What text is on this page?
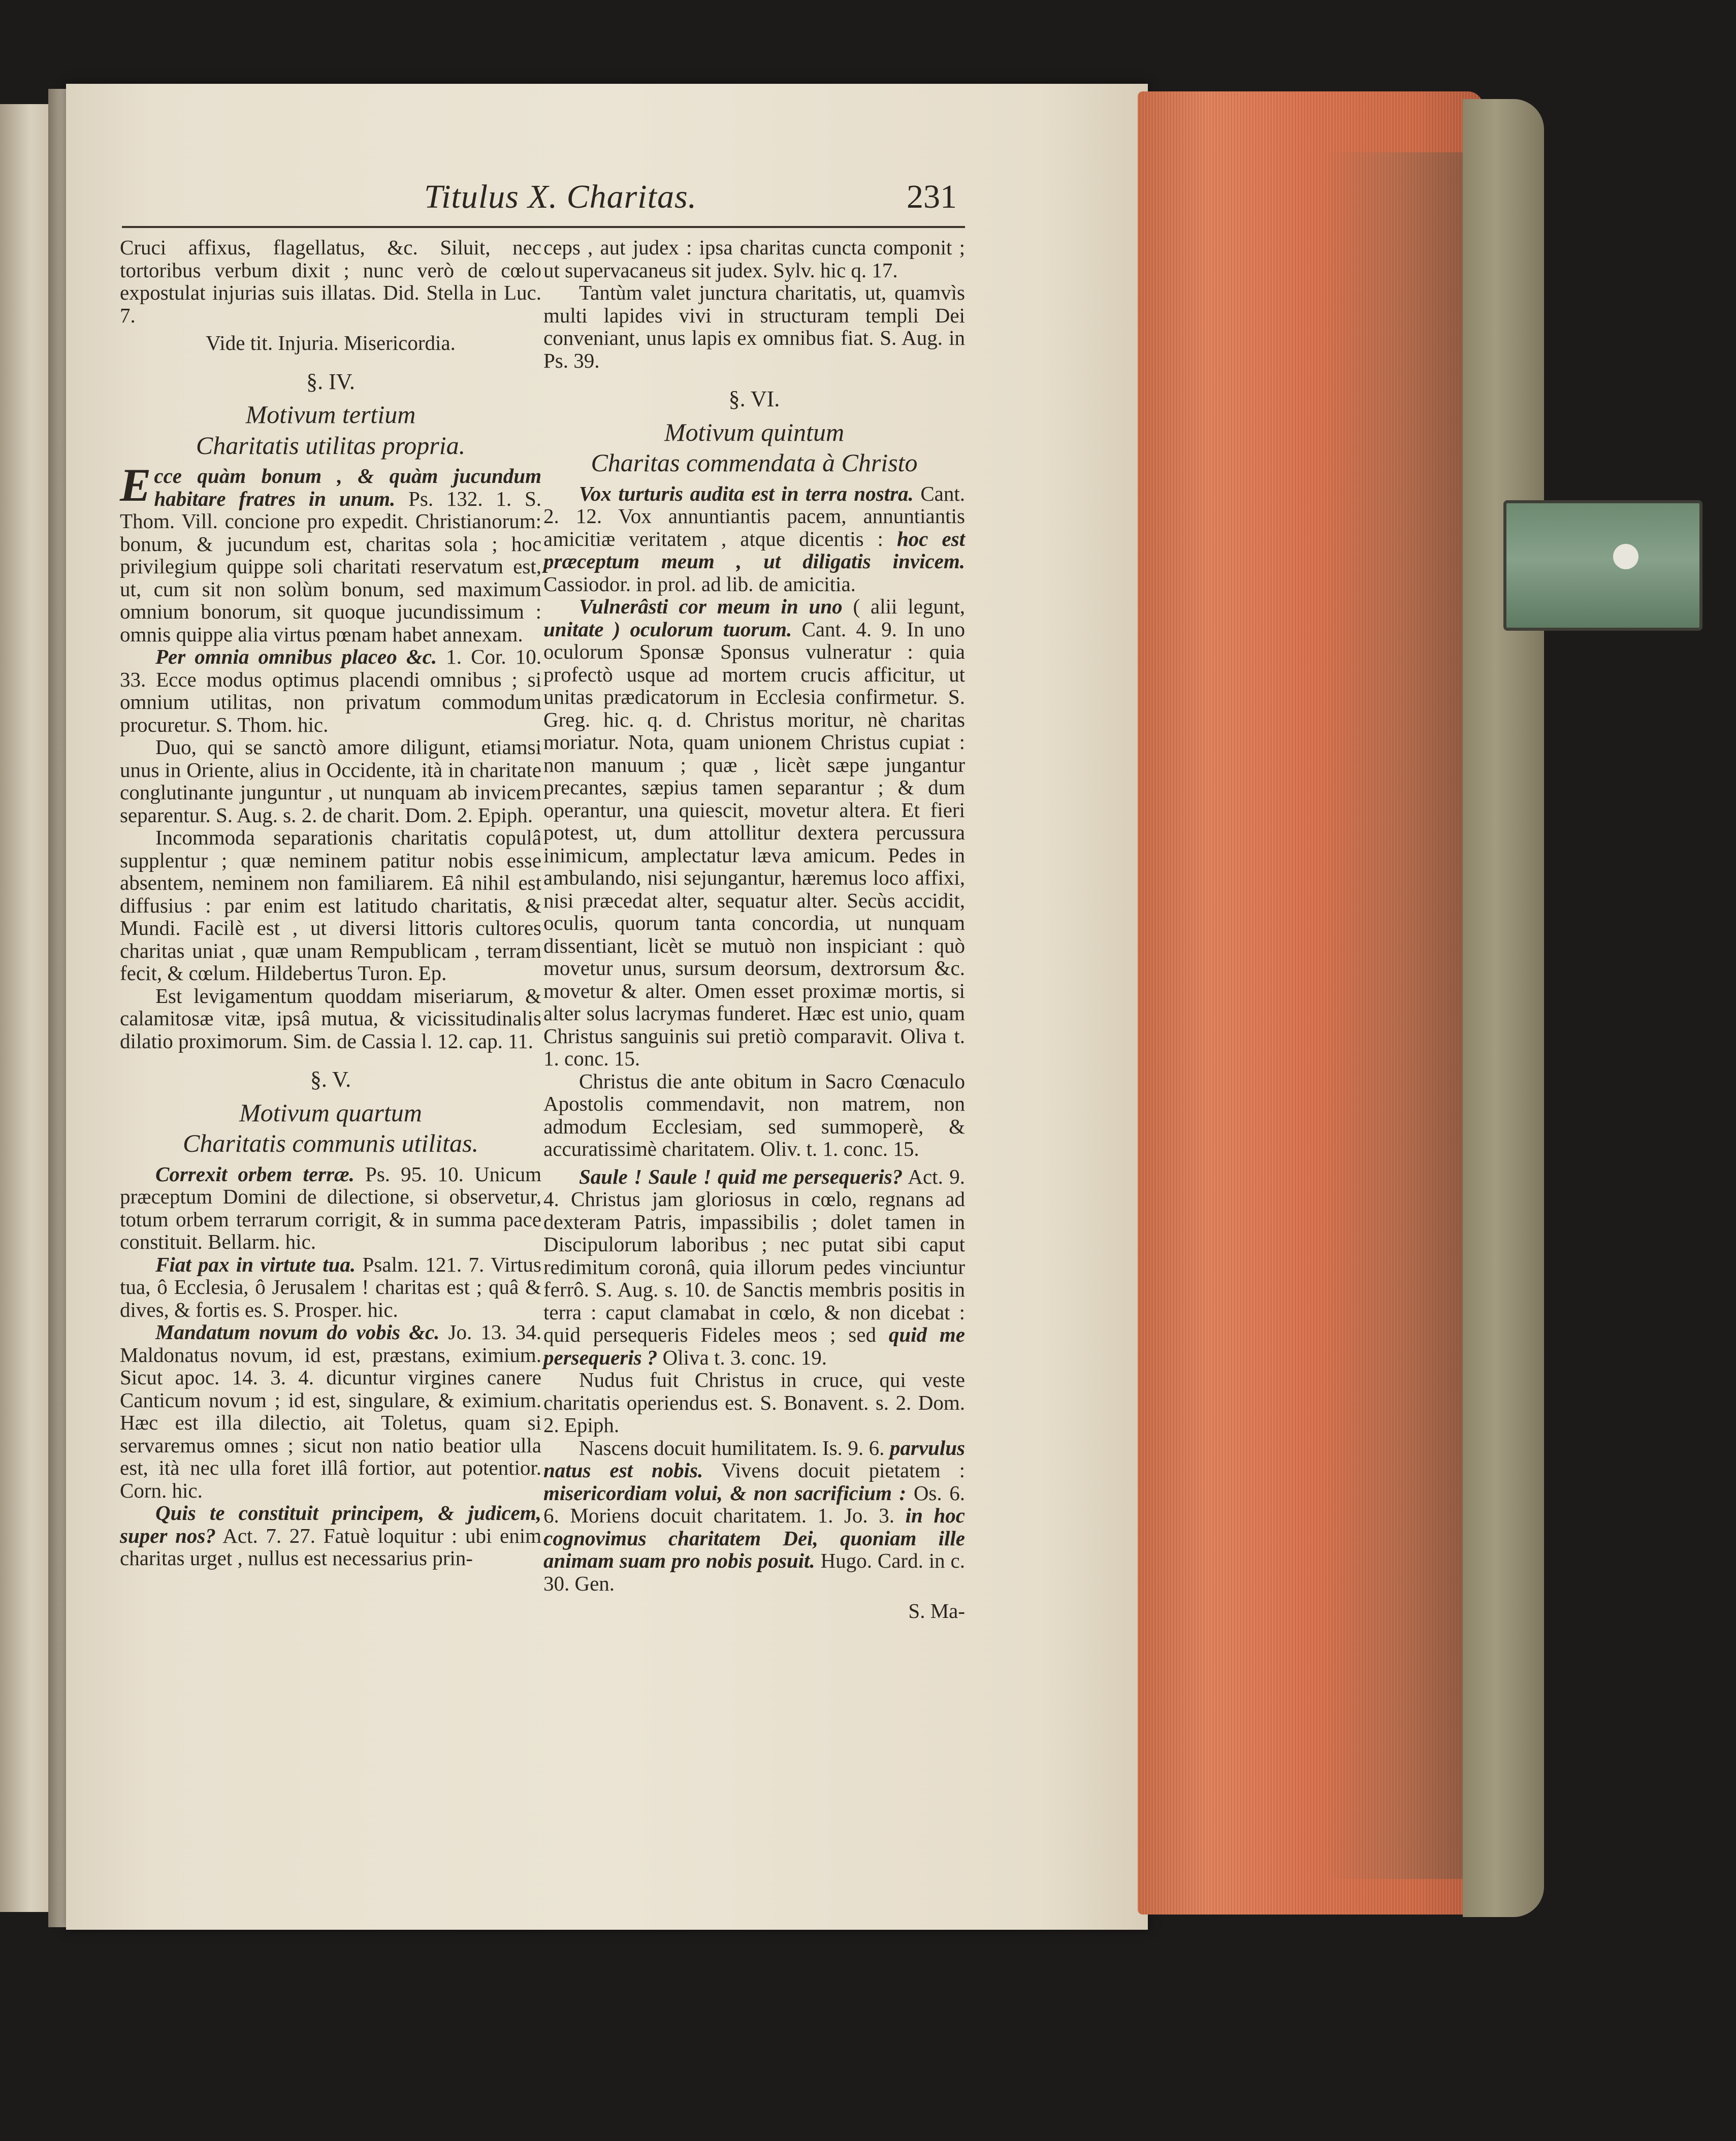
Titulus X. Charitas.	231

Cruci affixus, flagellatus, &c. Siluit, nec tortoribus verbum dixit ; nunc verò de cœlo expostulat injurias suis illatas. Did. Stella in Luc. 7.

Vide tit. Injuria. Misericordia.

§. IV.

Motivum tertium

Charitatis utilitas propria.

Ecce quàm bonum , & quàm jucundum habitare fratres in unum. Ps. 132. 1. S. Thom. Vill. concione pro expedit. Christianorum: bonum, & jucundum est, charitas sola ; hoc privilegium quippe soli charitati reservatum est, ut, cum sit non solùm bonum, sed maximum omnium bonorum, sit quoque jucundissimum : omnis quippe alia virtus pœnam habet annexam.

Per omnia omnibus placeo &c. 1. Cor. 10. 33. Ecce modus optimus placendi omnibus ; si omnium utilitas, non privatum commodum procuretur. S. Thom. hic.

Duo, qui se sanctò amore diligunt, etiamsi unus in Oriente, alius in Occidente, ità in charitate conglutinante junguntur , ut nunquam ab invicem separentur. S. Aug. s. 2. de charit. Dom. 2. Epiph.

Incommoda separationis charitatis copulâ supplentur ; quæ neminem patitur nobis esse absentem, neminem non familiarem. Eâ nihil est diffusius : par enim est latitudo charitatis, & Mundi. Facilè est , ut diversi littoris cultores charitas uniat , quæ unam Rempublicam , terram fecit, & cœlum. Hildebertus Turon. Ep.

Est levigamentum quoddam miseriarum, & calamitosæ vitæ, ipsâ mutua, & vicissitudinalis dilatio proximorum. Sim. de Cassia l. 12. cap. 11.

§. V.

Motivum quartum

Charitatis communis utilitas.

Correxit orbem terræ. Ps. 95. 10. Unicum præceptum Domini de dilectione, si observetur, totum orbem terrarum corrigit, & in summa pace constituit. Bellarm. hic.

Fiat pax in virtute tua. Psalm. 121. 7. Virtus tua, ô Ecclesia, ô Jerusalem ! charitas est ; quâ & dives, & fortis es. S. Prosper. hic.

Mandatum novum do vobis &c. Jo. 13. 34. Maldonatus novum, id est, præstans, eximium. Sicut apoc. 14. 3. 4. dicuntur virgines canere Canticum novum ; id est, singulare, & eximium. Hæc est illa dilectio, ait Toletus, quam si servaremus omnes ; sicut non natio beatior ulla est, ità nec ulla foret illâ fortior, aut potentior. Corn. hic.

Quis te constituit principem, & judicem, super nos? Act. 7. 27. Fatuè loquitur : ubi enim charitas urget , nullus est necessarius prin-

ceps , aut judex : ipsa charitas cuncta componit ; ut supervacaneus sit judex. Sylv. hic q. 17.

Tantùm valet junctura charitatis, ut, quamvìs multi lapides vivi in structuram templi Dei conveniant, unus lapis ex omnibus fiat. S. Aug. in Ps. 39.

§. VI.

Motivum quintum

Charitas commendata à Christo

Vox turturis audita est in terra nostra. Cant. 2. 12. Vox annuntiantis pacem, annuntiantis amicitiæ veritatem , atque dicentis : hoc est præceptum meum , ut diligatis invicem. Cassiodor. in prol. ad lib. de amicitia.

Vulnerâsti cor meum in uno ( alii legunt, unitate ) oculorum tuorum. Cant. 4. 9. In uno oculorum Sponsæ Sponsus vulneratur : quia profectò usque ad mortem crucis afficitur, ut unitas prædicatorum in Ecclesia confirmetur. S. Greg. hic. q. d. Christus moritur, nè charitas moriatur. Nota, quam unionem Christus cupiat : non manuum ; quæ , licèt sæpe jungantur precantes, sæpius tamen separantur ; & dum operantur, una quiescit, movetur altera. Et fieri potest, ut, dum attollitur dextera percussura inimicum, amplectatur læva amicum. Pedes in ambulando, nisi sejungantur, hæremus loco affixi, nisi præcedat alter, sequatur alter. Secùs accidit, oculis, quorum tanta concordia, ut nunquam dissentiant, licèt se mutuò non inspiciant : quò movetur unus, sursum deorsum, dextrorsum &c. movetur & alter. Omen esset proximæ mortis, si alter solus lacrymas funderet. Hæc est unio, quam Christus sanguinis sui pretiò comparavit. Oliva t. 1. conc. 15.

Christus die ante obitum in Sacro Cœnaculo Apostolis commendavit, non matrem, non admodum Ecclesiam, sed summoperè, & accuratissimè charitatem. Oliv. t. 1. conc. 15.

Saule ! Saule ! quid me persequeris? Act. 9. 4. Christus jam gloriosus in cœlo, regnans ad dexteram Patris, impassibilis ; dolet tamen in Discipulorum laboribus ; nec putat sibi caput redimitum coronâ, quia illorum pedes vinciuntur ferrô. S. Aug. s. 10. de Sanctis membris positis in terra : caput clamabat in cœlo, & non dicebat : quid persequeris Fideles meos ; sed quid me persequeris ? Oliva t. 3. conc. 19.

Nudus fuit Christus in cruce, qui veste charitatis operiendus est. S. Bonavent. s. 2. Dom. 2. Epiph.

Nascens docuit humilitatem. Is. 9. 6. parvulus natus est nobis. Vivens docuit pietatem : misericordiam volui, & non sacrificium : Os. 6. 6. Moriens docuit charitatem. 1. Jo. 3. in hoc cognovimus charitatem Dei, quoniam ille animam suam pro nobis posuit. Hugo. Card. in c. 30. Gen.

S. Ma-
